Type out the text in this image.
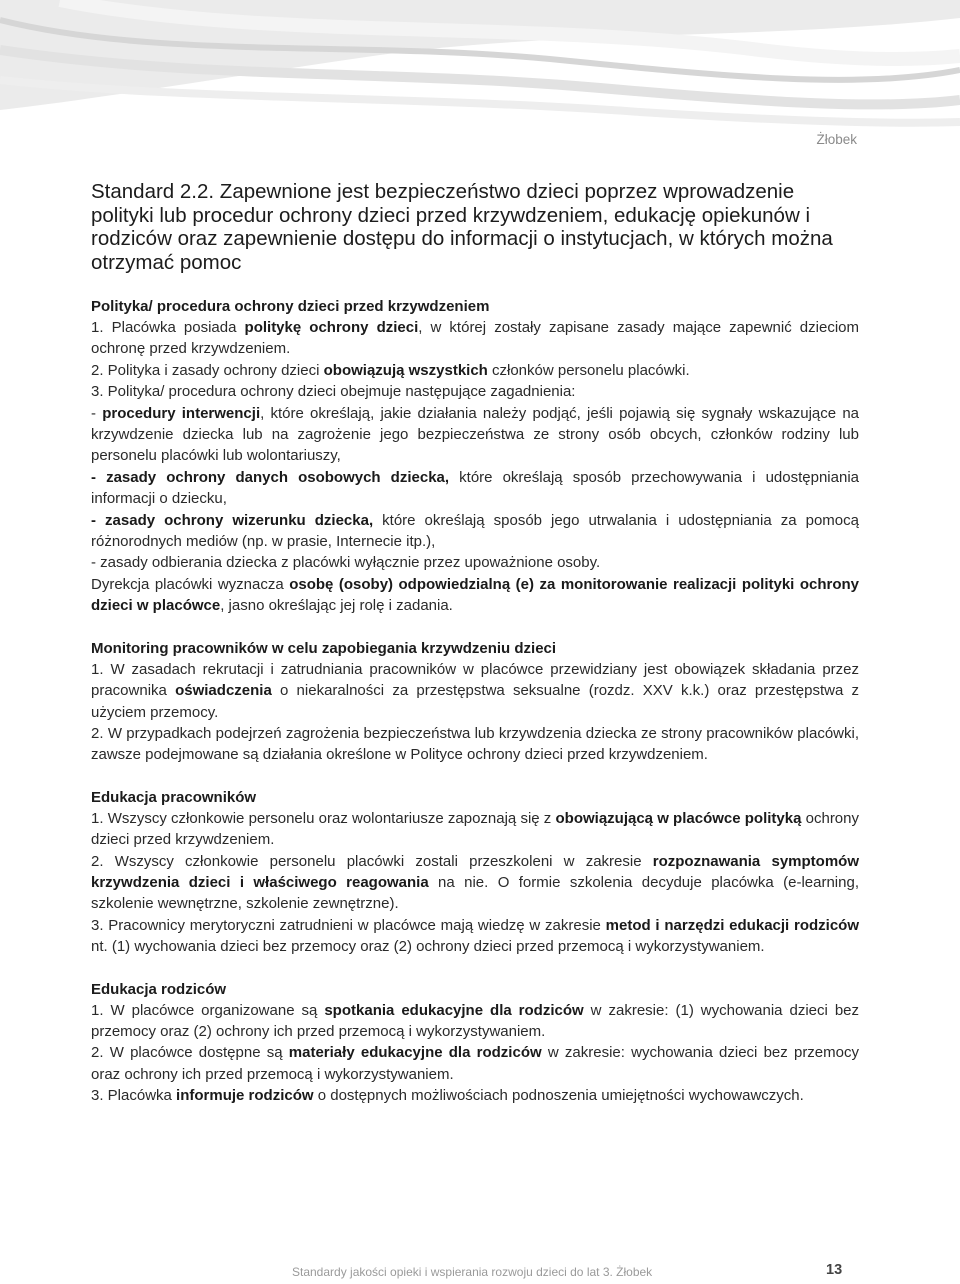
Żłobek
Standard 2.2. Zapewnione jest bezpieczeństwo dzieci poprzez wprowadzenie polityki lub procedur ochrony dzieci przed krzywdzeniem, edukację opiekunów i rodziców oraz zapewnienie dostępu do informacji o instytucjach, w których można otrzymać pomoc
Polityka/ procedura ochrony dzieci przed krzywdzeniem

1. Placówka posiada politykę ochrony dzieci, w której zostały zapisane zasady mające zapewnić dzieciom ochronę przed krzywdzeniem.

2. Polityka i zasady ochrony dzieci obowiązują wszystkich członków personelu placówki.

3. Polityka/ procedura ochrony dzieci obejmuje następujące zagadnienia:

- procedury interwencji, które określają, jakie działania należy podjąć, jeśli pojawią się sygnały wskazujące na krzywdzenie dziecka lub na zagrożenie jego bezpieczeństwa ze strony osób obcych, członków rodziny lub personelu placówki lub wolontariuszy,

- zasady ochrony danych osobowych dziecka, które określają sposób przechowywania i udostępniania informacji o dziecku,

- zasady ochrony wizerunku dziecka, które określają sposób jego utrwalania i udostępniania za pomocą różnorodnych mediów (np. w prasie, Internecie itp.),

- zasady odbierania dziecka z placówki wyłącznie przez upoważnione osoby.

Dyrekcja placówki wyznacza osobę (osoby) odpowiedzialną (e) za monitorowanie realizacji polityki ochrony dzieci w placówce, jasno określając jej rolę i zadania.

Monitoring pracowników w celu zapobiegania krzywdzeniu dzieci

1. W zasadach rekrutacji i zatrudniania pracowników w placówce przewidziany jest obowiązek składania przez pracownika oświadczenia o niekaralności za przestępstwa seksualne (rozdz. XXV k.k.) oraz przestępstwa z użyciem przemocy.

2. W przypadkach podejrzeń zagrożenia bezpieczeństwa lub krzywdzenia dziecka ze strony pracowników placówki, zawsze podejmowane są działania określone w Polityce ochrony dzieci przed krzywdzeniem.

Edukacja pracowników

1. Wszyscy członkowie personelu oraz wolontariusze zapoznają się z obowiązującą w placówce polityką ochrony dzieci przed krzywdzeniem.

2. Wszyscy członkowie personelu placówki zostali przeszkoleni w zakresie rozpoznawania symptomów krzywdzenia dzieci i właściwego reagowania na nie. O formie szkolenia decyduje placówka (e-learning, szkolenie wewnętrzne, szkolenie zewnętrzne).

3. Pracownicy merytoryczni zatrudnieni w placówce mają wiedzę w zakresie metod i narzędzi edukacji rodziców nt. (1) wychowania dzieci bez przemocy oraz (2) ochrony dzieci przed przemocą i wykorzystywaniem.

Edukacja rodziców

1. W placówce organizowane są spotkania edukacyjne dla rodziców w zakresie: (1) wychowania dzieci bez przemocy oraz (2) ochrony ich przed przemocą i wykorzystywaniem.

2. W placówce dostępne są materiały edukacyjne dla rodziców w zakresie: wychowania dzieci bez przemocy oraz ochrony ich przed przemocą i wykorzystywaniem.

3. Placówka informuje rodziców o dostępnych możliwościach podnoszenia umiejętności wychowawczych.

Standardy jakości opieki i wspierania rozwoju dzieci do lat 3. Żłobek	13
